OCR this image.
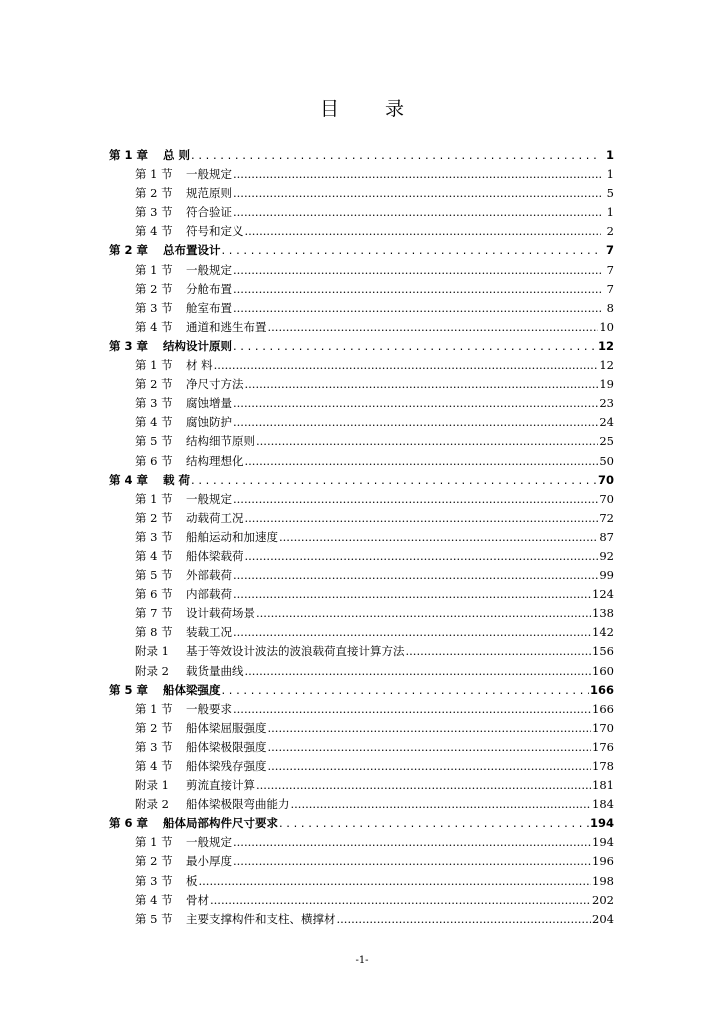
目 录
第 1 章	总 则 . . .	1
第 1 节	一般规定 .....	1
第 2 节	规范原则 .....	5
第 3 节	符合验证 .....	1
第 4 节	符号和定义 .....	2
第 2 章	总布置设计 . . .	7
第 1 节	一般规定 .....	7
第 2 节	分舱布置 .....	7
第 3 节	舱室布置 .....	8
第 4 节	通道和逃生布置 .....	10
第 3 章	结构设计原则 . . .	12
第 1 节	材 料 .....	12
第 2 节	净尺寸方法 .....	19
第 3 节	腐蚀增量 .....	23
第 4 节	腐蚀防护 .....	24
第 5 节	结构细节原则 .....	25
第 6 节	结构理想化 .....	50
第 4 章	载 荷 . . .	70
第 1 节	一般规定 .....	70
第 2 节	动载荷工况 .....	72
第 3 节	船舶运动和加速度 .....	87
第 4 节	船体梁载荷 .....	92
第 5 节	外部载荷 .....	99
第 6 节	内部载荷 .....	124
第 7 节	设计载荷场景 .....	138
第 8 节	装载工况 .....	142
附录 1	基于等效设计波法的波浪载荷直接计算方法 .....	156
附录 2	载货量曲线 .....	160
第 5 章	船体梁强度 . . .	166
第 1 节	一般要求 .....	166
第 2 节	船体梁屈服强度 .....	170
第 3 节	船体梁极限强度 .....	176
第 4 节	船体梁残存强度 .....	178
附录 1	剪流直接计算 .....	181
附录 2	船体梁极限弯曲能力 .....	184
第 6 章	船体局部构件尺寸要求 . . .	194
第 1 节	一般规定 .....	194
第 2 节	最小厚度 .....	196
第 3 节	板 .....	198
第 4 节	骨材 .....	202
第 5 节	主要支撑构件和支柱、横撑材 .....	204
-1-
